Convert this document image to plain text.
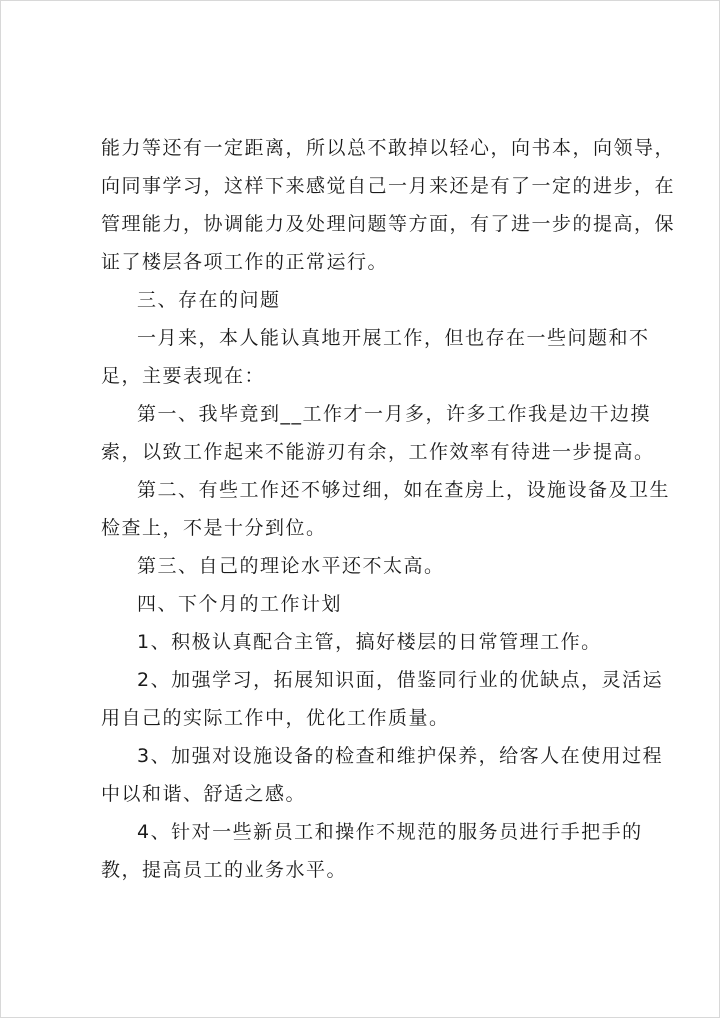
能力等还有一定距离，所以总不敢掉以轻心，向书本，向领导，
向同事学习，这样下来感觉自己一月来还是有了一定的进步，在
管理能力，协调能力及处理问题等方面，有了进一步的提高，保
证了楼层各项工作的正常运行。
三、存在的问题
一月来，本人能认真地开展工作，但也存在一些问题和不
足，主要表现在：
第一、我毕竟到__工作才一月多，许多工作我是边干边摸
索，以致工作起来不能游刃有余，工作效率有待进一步提高。
第二、有些工作还不够过细，如在查房上，设施设备及卫生
检查上，不是十分到位。
第三、自己的理论水平还不太高。
四、下个月的工作计划
1、积极认真配合主管，搞好楼层的日常管理工作。
2、加强学习，拓展知识面，借鉴同行业的优缺点，灵活运
用自己的实际工作中，优化工作质量。
3、加强对设施设备的检查和维护保养，给客人在使用过程
中以和谐、舒适之感。
4、针对一些新员工和操作不规范的服务员进行手把手的
教，提高员工的业务水平。
